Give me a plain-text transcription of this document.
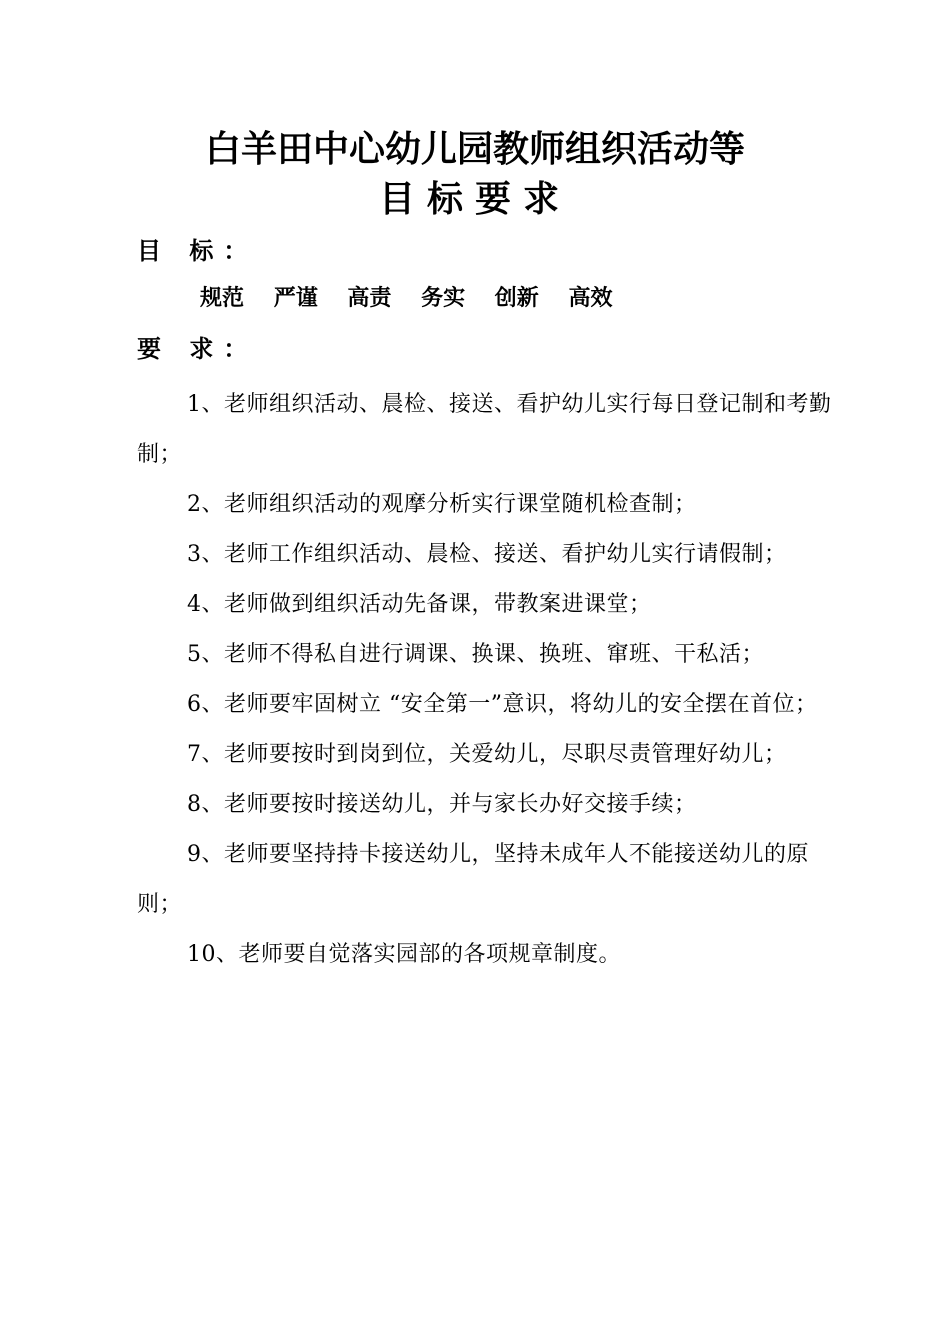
白羊田中心幼儿园教师组织活动等
目标要求
目 标：
规范 严谨 高责 务实 创新 高效
要 求：

1、老师组织活动、晨检、接送、看护幼儿实行每日登记制和考勤制；

2、老师组织活动的观摩分析实行课堂随机检查制；

3、老师工作组织活动、晨检、接送、看护幼儿实行请假制；

4、老师做到组织活动先备课，带教案进课堂；

5、老师不得私自进行调课、换课、换班、窜班、干私活；

6、老师要牢固树立 “安全第一”意识，将幼儿的安全摆在首位；

7、老师要按时到岗到位，关爱幼儿，尽职尽责管理好幼儿；

8、老师要按时接送幼儿，并与家长办好交接手续；

9、老师要坚持持卡接送幼儿，坚持未成年人不能接送幼儿的原则；

10、老师要自觉落实园部的各项规章制度。
